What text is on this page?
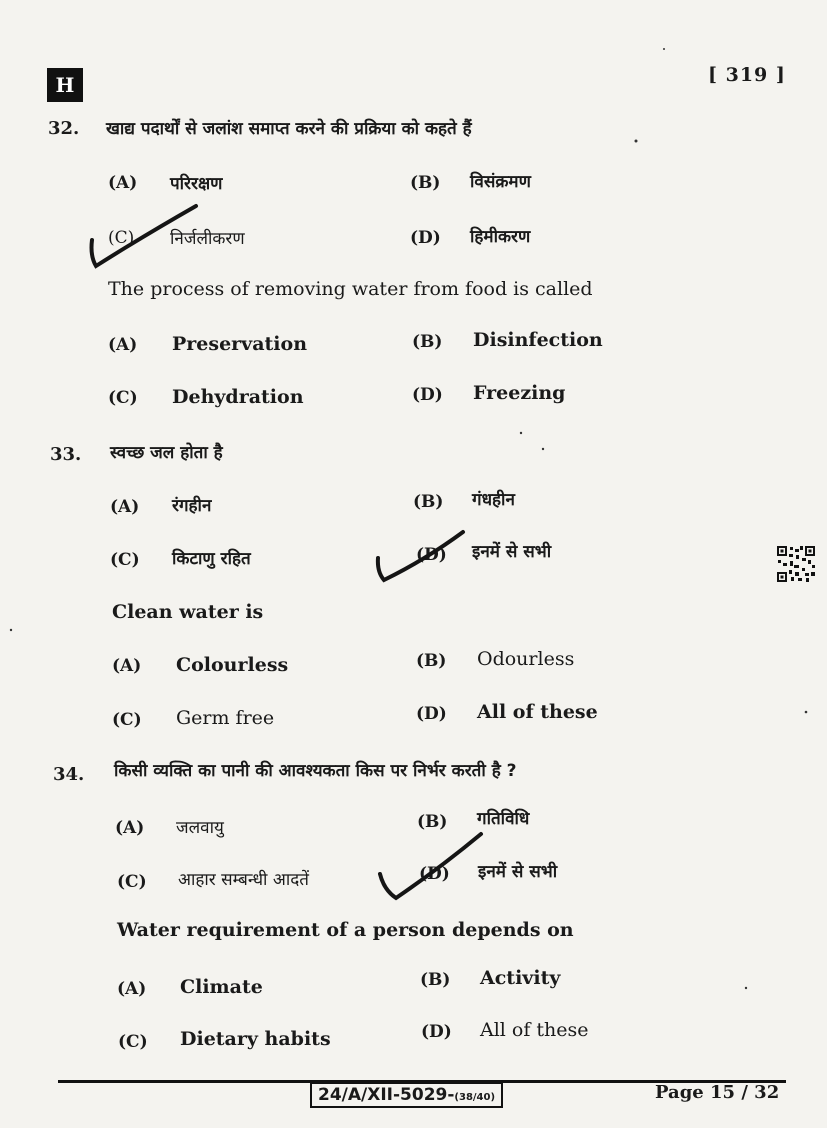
H	[ 319 ]
32. खाद्य पदार्थों से जलांश समाप्त करने की प्रक्रिया को कहते हैं
(A) परिरक्षण	(B) विसंक्रमण
(C) निर्जलीकरण	(D) हिमीकरण
The process of removing water from food is called
(A) Preservation	(B) Disinfection
(C) Dehydration	(D) Freezing
33. स्वच्छ जल होता है
(A) रंगहीन	(B) गंधहीन
(C) किटाणु रहित	(D) इनमें से सभी
Clean water is
(A) Colourless	(B) Odourless
(C) Germ free	(D) All of these
34. किसी व्यक्ति का पानी की आवश्यकता किस पर निर्भर करती है ?
(A) जलवायु	(B) गतिविधि
(C) आहार सम्बन्धी आदतें	(D) इनमें से सभी
Water requirement of a person depends on
(A) Climate	(B) Activity
(C) Dietary habits	(D) All of these
24/A/XII-5029-(38/40)	Page 15 / 32
